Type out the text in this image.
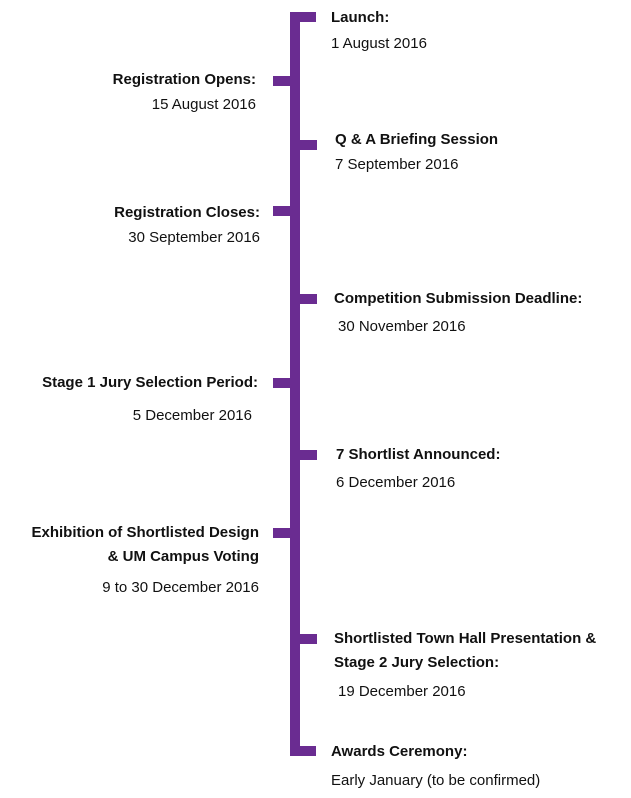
Launch:
1 August 2016
Registration Opens:
15 August 2016
Q & A Briefing Session
7 September 2016
Registration Closes:
30 September 2016
Competition Submission Deadline:
30 November 2016
Stage 1 Jury Selection Period:
5 December 2016
7 Shortlist Announced:
6 December 2016
Exhibition of Shortlisted Design
& UM Campus Voting
9 to 30 December 2016
Shortlisted Town Hall Presentation &
Stage 2 Jury Selection:
19 December 2016
Awards Ceremony:
Early January (to be confirmed)
